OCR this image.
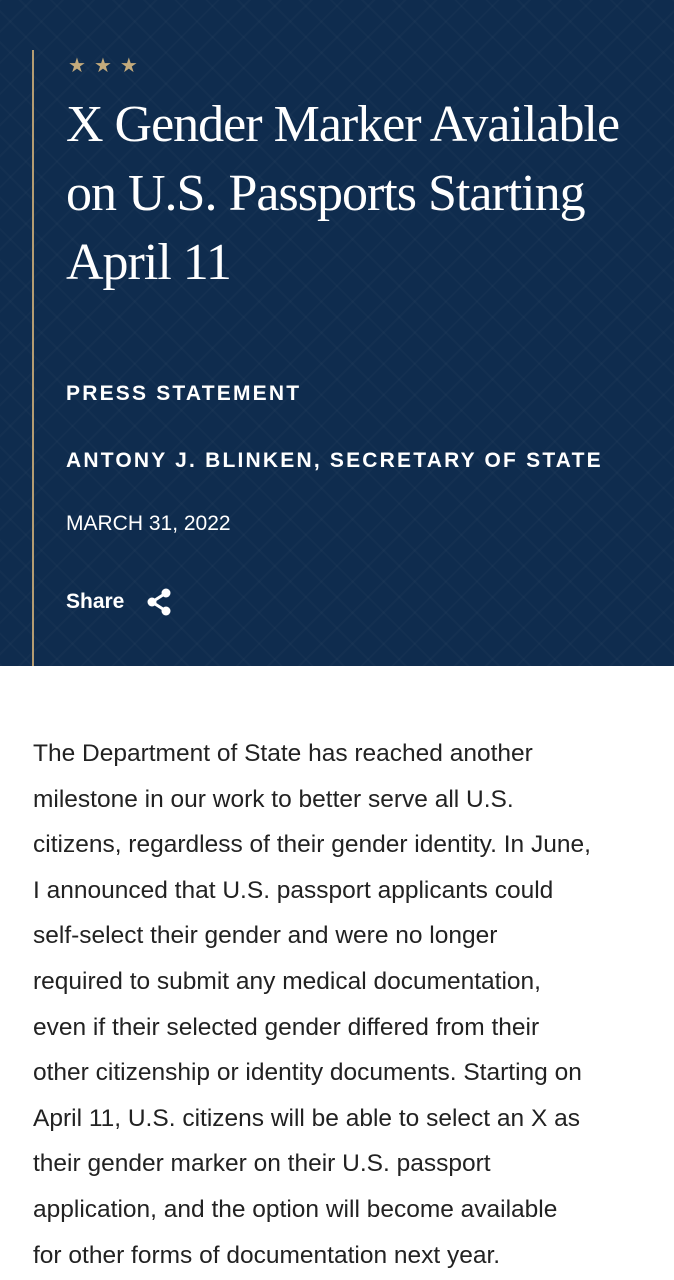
★ ★ ★
X Gender Marker Available on U.S. Passports Starting April 11
PRESS STATEMENT
ANTONY J. BLINKEN, SECRETARY OF STATE
MARCH 31, 2022
Share
The Department of State has reached another
milestone in our work to better serve all U.S.
citizens, regardless of their gender identity. In June,
I announced that U.S. passport applicants could
self-select their gender and were no longer
required to submit any medical documentation,
even if their selected gender differed from their
other citizenship or identity documents. Starting on
April 11, U.S. citizens will be able to select an X as
their gender marker on their U.S. passport
application, and the option will become available
for other forms of documentation next year.
